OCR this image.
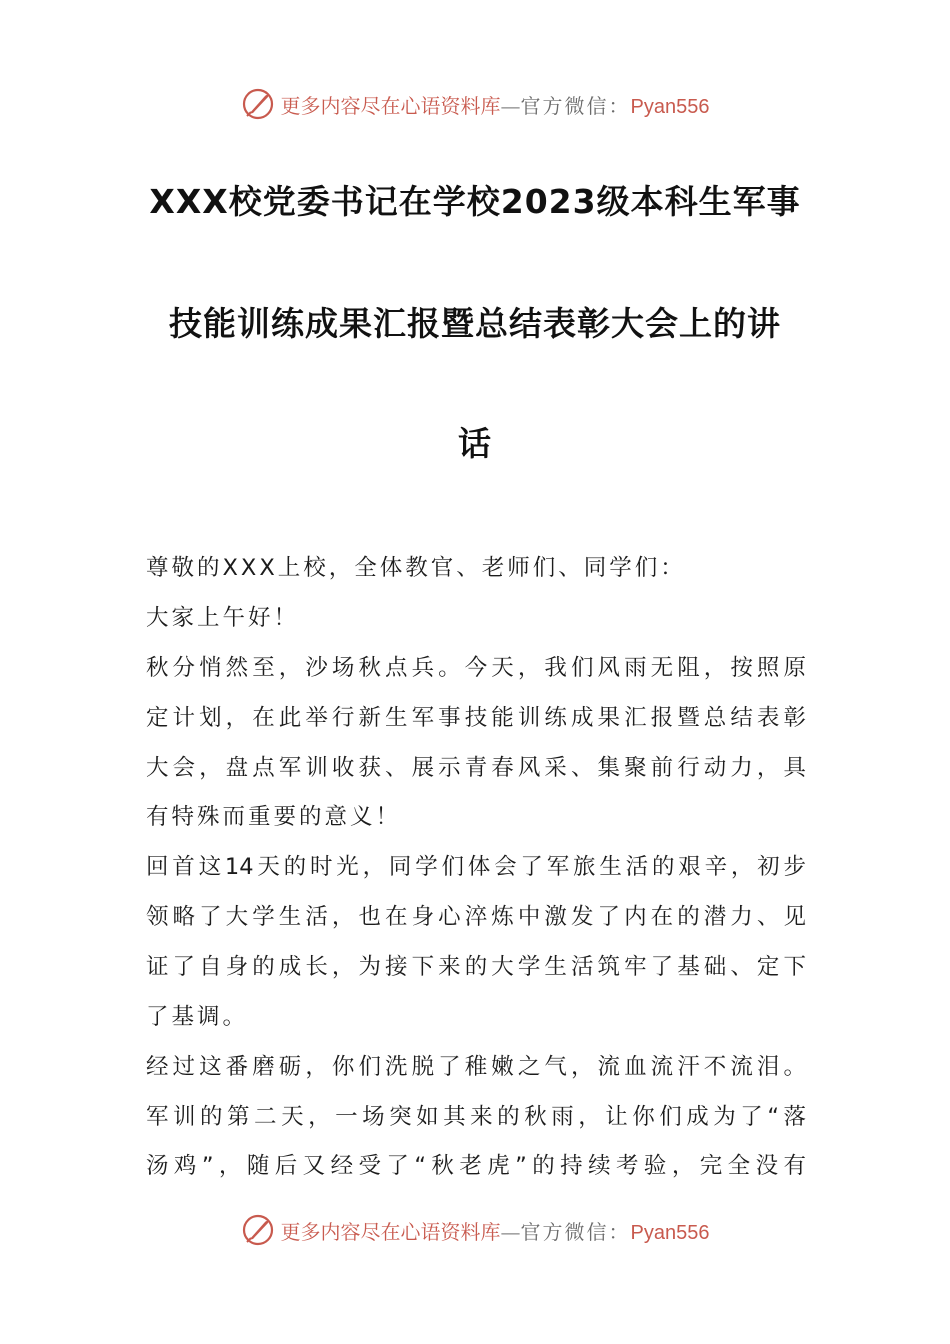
更多内容尽在心语资料库—官方微信：Pyan556
XXX校党委书记在学校2023级本科生军事
技能训练成果汇报暨总结表彰大会上的讲
话
尊敬的XXX上校，全体教官、老师们、同学们：
大家上午好！
秋分悄然至，沙场秋点兵。今天，我们风雨无阻，按照原
定计划，在此举行新生军事技能训练成果汇报暨总结表彰
大会，盘点军训收获、展示青春风采、集聚前行动力，具
有特殊而重要的意义！
回首这14天的时光，同学们体会了军旅生活的艰辛，初步
领略了大学生活，也在身心淬炼中激发了内在的潜力、见
证了自身的成长，为接下来的大学生活筑牢了基础、定下
了基调。
经过这番磨砺，你们洗脱了稚嫩之气，流血流汗不流泪。
军训的第二天，一场突如其来的秋雨，让你们成为了“落
汤鸡”，随后又经受了“秋老虎”的持续考验，完全没有
更多内容尽在心语资料库—官方微信：Pyan556
